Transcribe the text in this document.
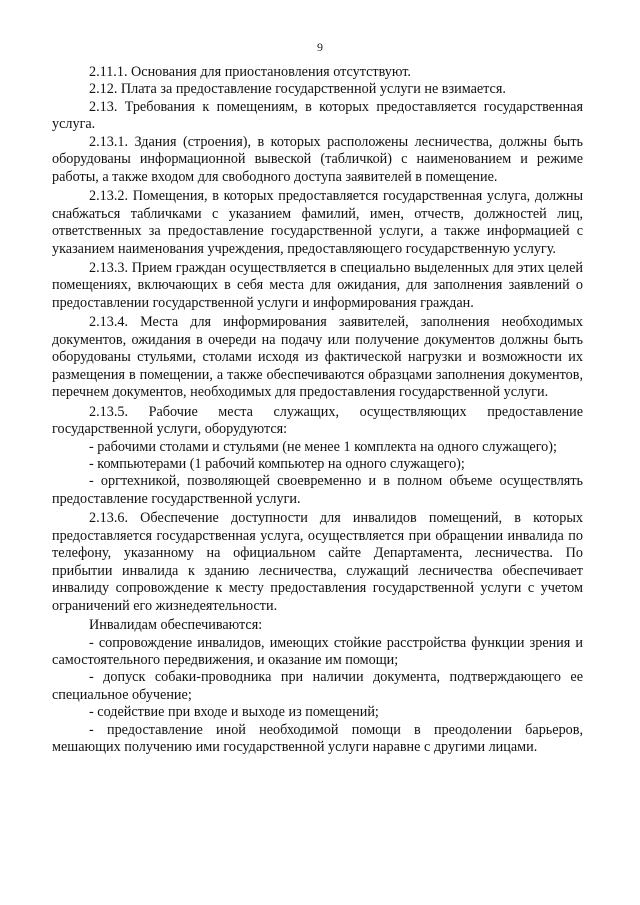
9

2.11.1. Основания для приостановления отсутствуют.

2.12. Плата за предоставление государственной услуги не взимается.

2.13. Требования к помещениям, в которых предоставляется государственная услуга.

2.13.1. Здания (строения), в которых расположены лесничества, должны быть оборудованы информационной вывеской (табличкой) с наименованием и режиме работы, а также входом для свободного доступа заявителей в помещение.

2.13.2. Помещения, в которых предоставляется государственная услуга, должны снабжаться табличками с указанием фамилий, имен, отчеств, должностей лиц, ответственных за предоставление государственной услуги, а также информацией с указанием наименования учреждения, предоставляющего государственную услугу.

2.13.3. Прием граждан осуществляется в специально выделенных для этих целей помещениях, включающих в себя места для ожидания, для заполнения заявлений о предоставлении государственной услуги и информирования граждан.

2.13.4. Места для информирования заявителей, заполнения необходимых документов, ожидания в очереди на подачу или получение документов должны быть оборудованы стульями, столами исходя из фактической нагрузки и возможности их размещения в помещении, а также обеспечиваются образцами заполнения документов, перечнем документов, необходимых для предоставления государственной услуги.

2.13.5. Рабочие места служащих, осуществляющих предоставление государственной услуги, оборудуются:

- рабочими столами и стульями (не менее 1 комплекта на одного служащего);

- компьютерами (1 рабочий компьютер на одного служащего);

- оргтехникой, позволяющей своевременно и в полном объеме осуществлять предоставление государственной услуги.

2.13.6. Обеспечение доступности для инвалидов помещений, в которых предоставляется государственная услуга, осуществляется при обращении инвалида по телефону, указанному на официальном сайте Департамента, лесничества. По прибытии инвалида к зданию лесничества, служащий лесничества обеспечивает инвалиду сопровождение к месту предоставления государственной услуги с учетом ограничений его жизнедеятельности.

Инвалидам обеспечиваются:

- сопровождение инвалидов, имеющих стойкие расстройства функции зрения и самостоятельного передвижения, и оказание им помощи;

- допуск собаки-проводника при наличии документа, подтверждающего ее специальное обучение;

- содействие при входе и выходе из помещений;

- предоставление иной необходимой помощи в преодолении барьеров, мешающих получению ими государственной услуги наравне с другими лицами.
